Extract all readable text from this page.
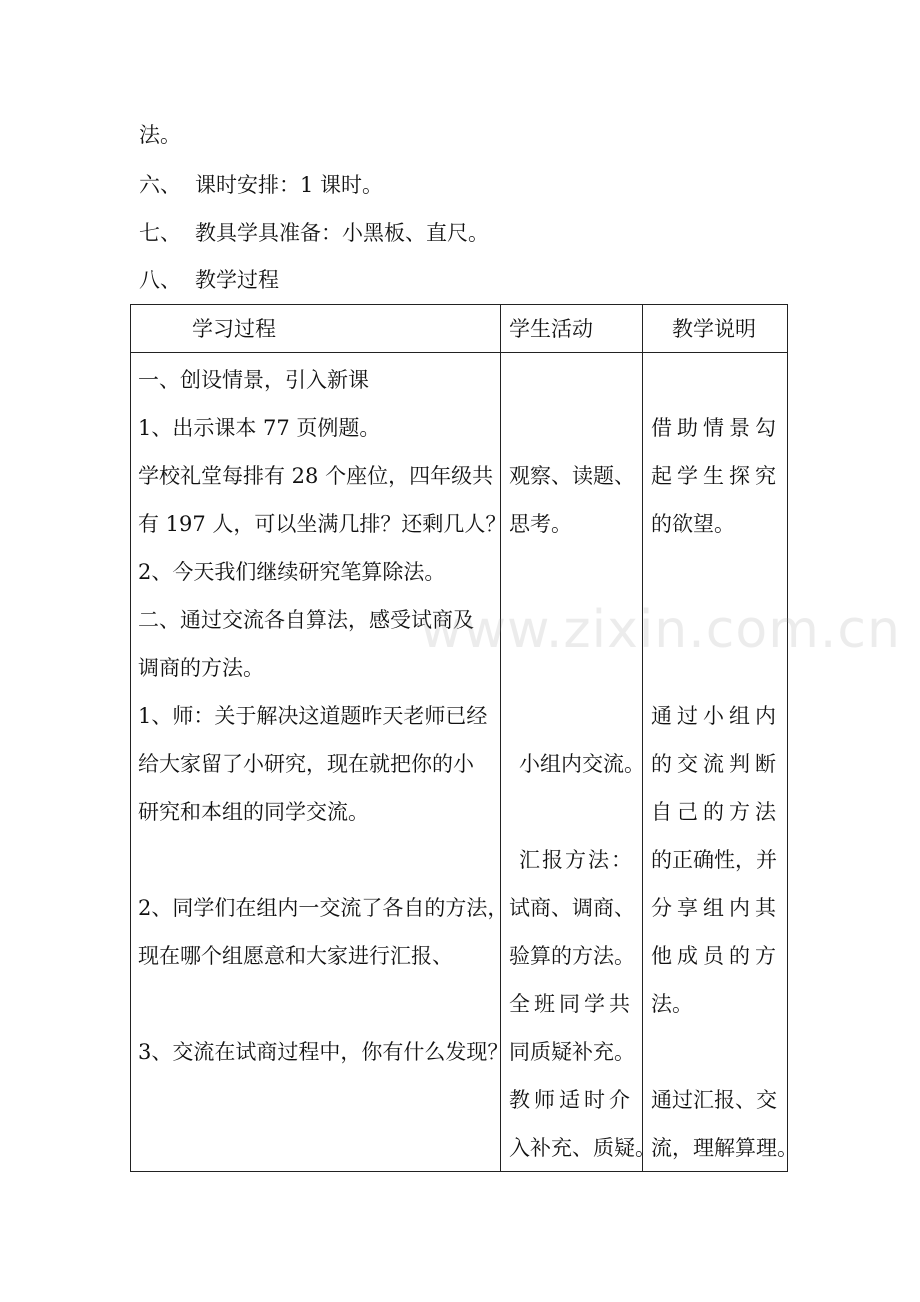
法。
六、 课时安排：1 课时。
七、 教具学具准备：小黑板、直尺。
八、 教学过程
学习过程	学生活动	教学说明
一、创设情景，引入新课
1、出示课本 77 页例题。
学校礼堂每排有 28 个座位，四年级共
有 197 人，可以坐满几排？还剩几人？
2、今天我们继续研究笔算除法。
二、通过交流各自算法，感受试商及
调商的方法。
1、师：关于解决这道题昨天老师已经
给大家留了小研究，现在就把你的小
研究和本组的同学交流。
2、同学们在组内一交流了各自的方法，
现在哪个组愿意和大家进行汇报、
3、交流在试商过程中，你有什么发现？
观察、读题、
思考。
小组内交流。
汇报方法：
试商、调商、
验算的方法。
全班同学共
同质疑补充。
教师适时介
入补充、质疑。
借助情景勾
起学生探究
的欲望。
通过小组内
的交流判断
自己的方法
的正确性，并
分享组内其
他成员的方
法。
通过汇报、交
流，理解算理。
www.zixin.com.cn
